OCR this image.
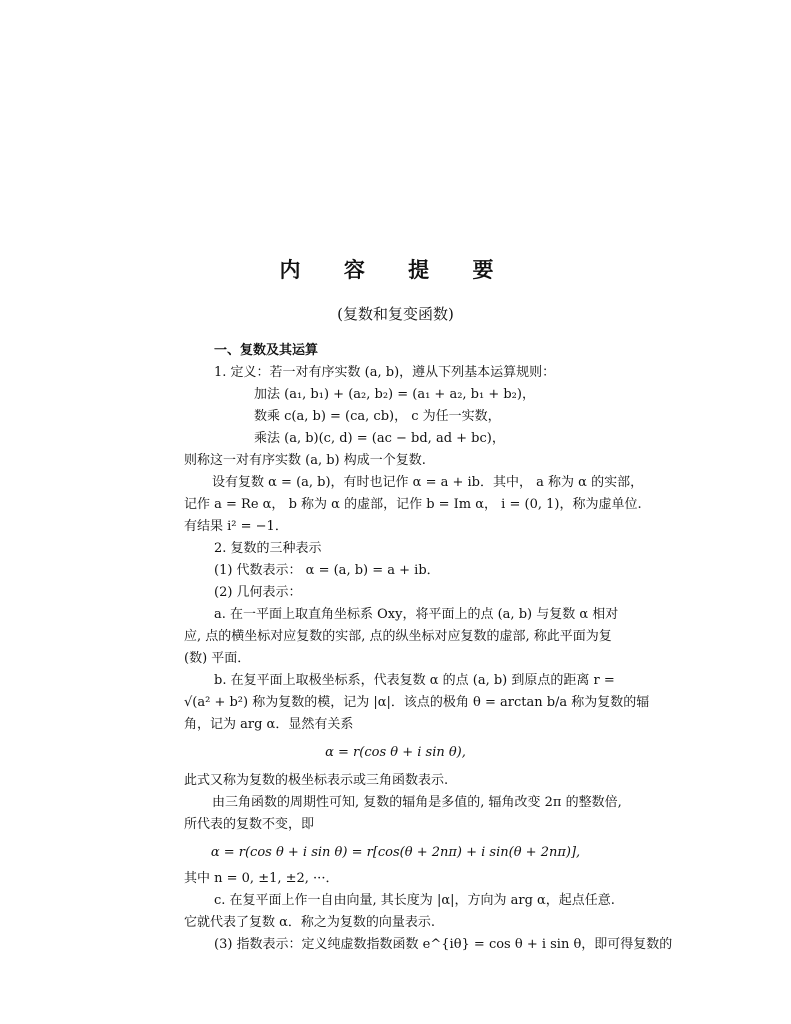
内 容 提 要
(复数和复变函数)
一、复数及其运算
1. 定义：若一对有序实数 (a, b)，遵从下列基本运算规则：
加法 (a₁, b₁) + (a₂, b₂) = (a₁ + a₂, b₁ + b₂)，
数乘 c(a, b) = (ca, cb)， c 为任一实数，
乘法 (a, b)(c, d) = (ac − bd, ad + bc)，
则称这一对有序实数 (a, b) 构成一个复数.
设有复数 α = (a, b)，有时也记作 α = a + ib．其中， a 称为 α 的实部，
记作 a = Re α， b 称为 α 的虚部，记作 b = Im α， i = (0, 1)，称为虚单位.
有结果 i² = −1．
2. 复数的三种表示
(1) 代数表示： α = (a, b) = a + ib．
(2) 几何表示：
a. 在一平面上取直角坐标系 Oxy，将平面上的点 (a, b) 与复数 α 相对
应, 点的横坐标对应复数的实部, 点的纵坐标对应复数的虚部, 称此平面为复
(数) 平面．
b. 在复平面上取极坐标系，代表复数 α 的点 (a, b) 到原点的距离 r =
√(a² + b²) 称为复数的模，记为 |α|．该点的极角 θ = arctan b/a 称为复数的辐
角，记为 arg α．显然有关系
α = r(cos θ + i sin θ),
此式又称为复数的极坐标表示或三角函数表示.
由三角函数的周期性可知, 复数的辐角是多值的, 辐角改变 2π 的整数倍,
所代表的复数不变，即
α = r(cos θ + i sin θ) = r[cos(θ + 2nπ) + i sin(θ + 2nπ)],
其中 n = 0, ±1, ±2, ···．
c. 在复平面上作一自由向量, 其长度为 |α|，方向为 arg α，起点任意.
它就代表了复数 α．称之为复数的向量表示.
(3) 指数表示：定义纯虚数指数函数 e^{iθ} = cos θ + i sin θ，即可得复数的
